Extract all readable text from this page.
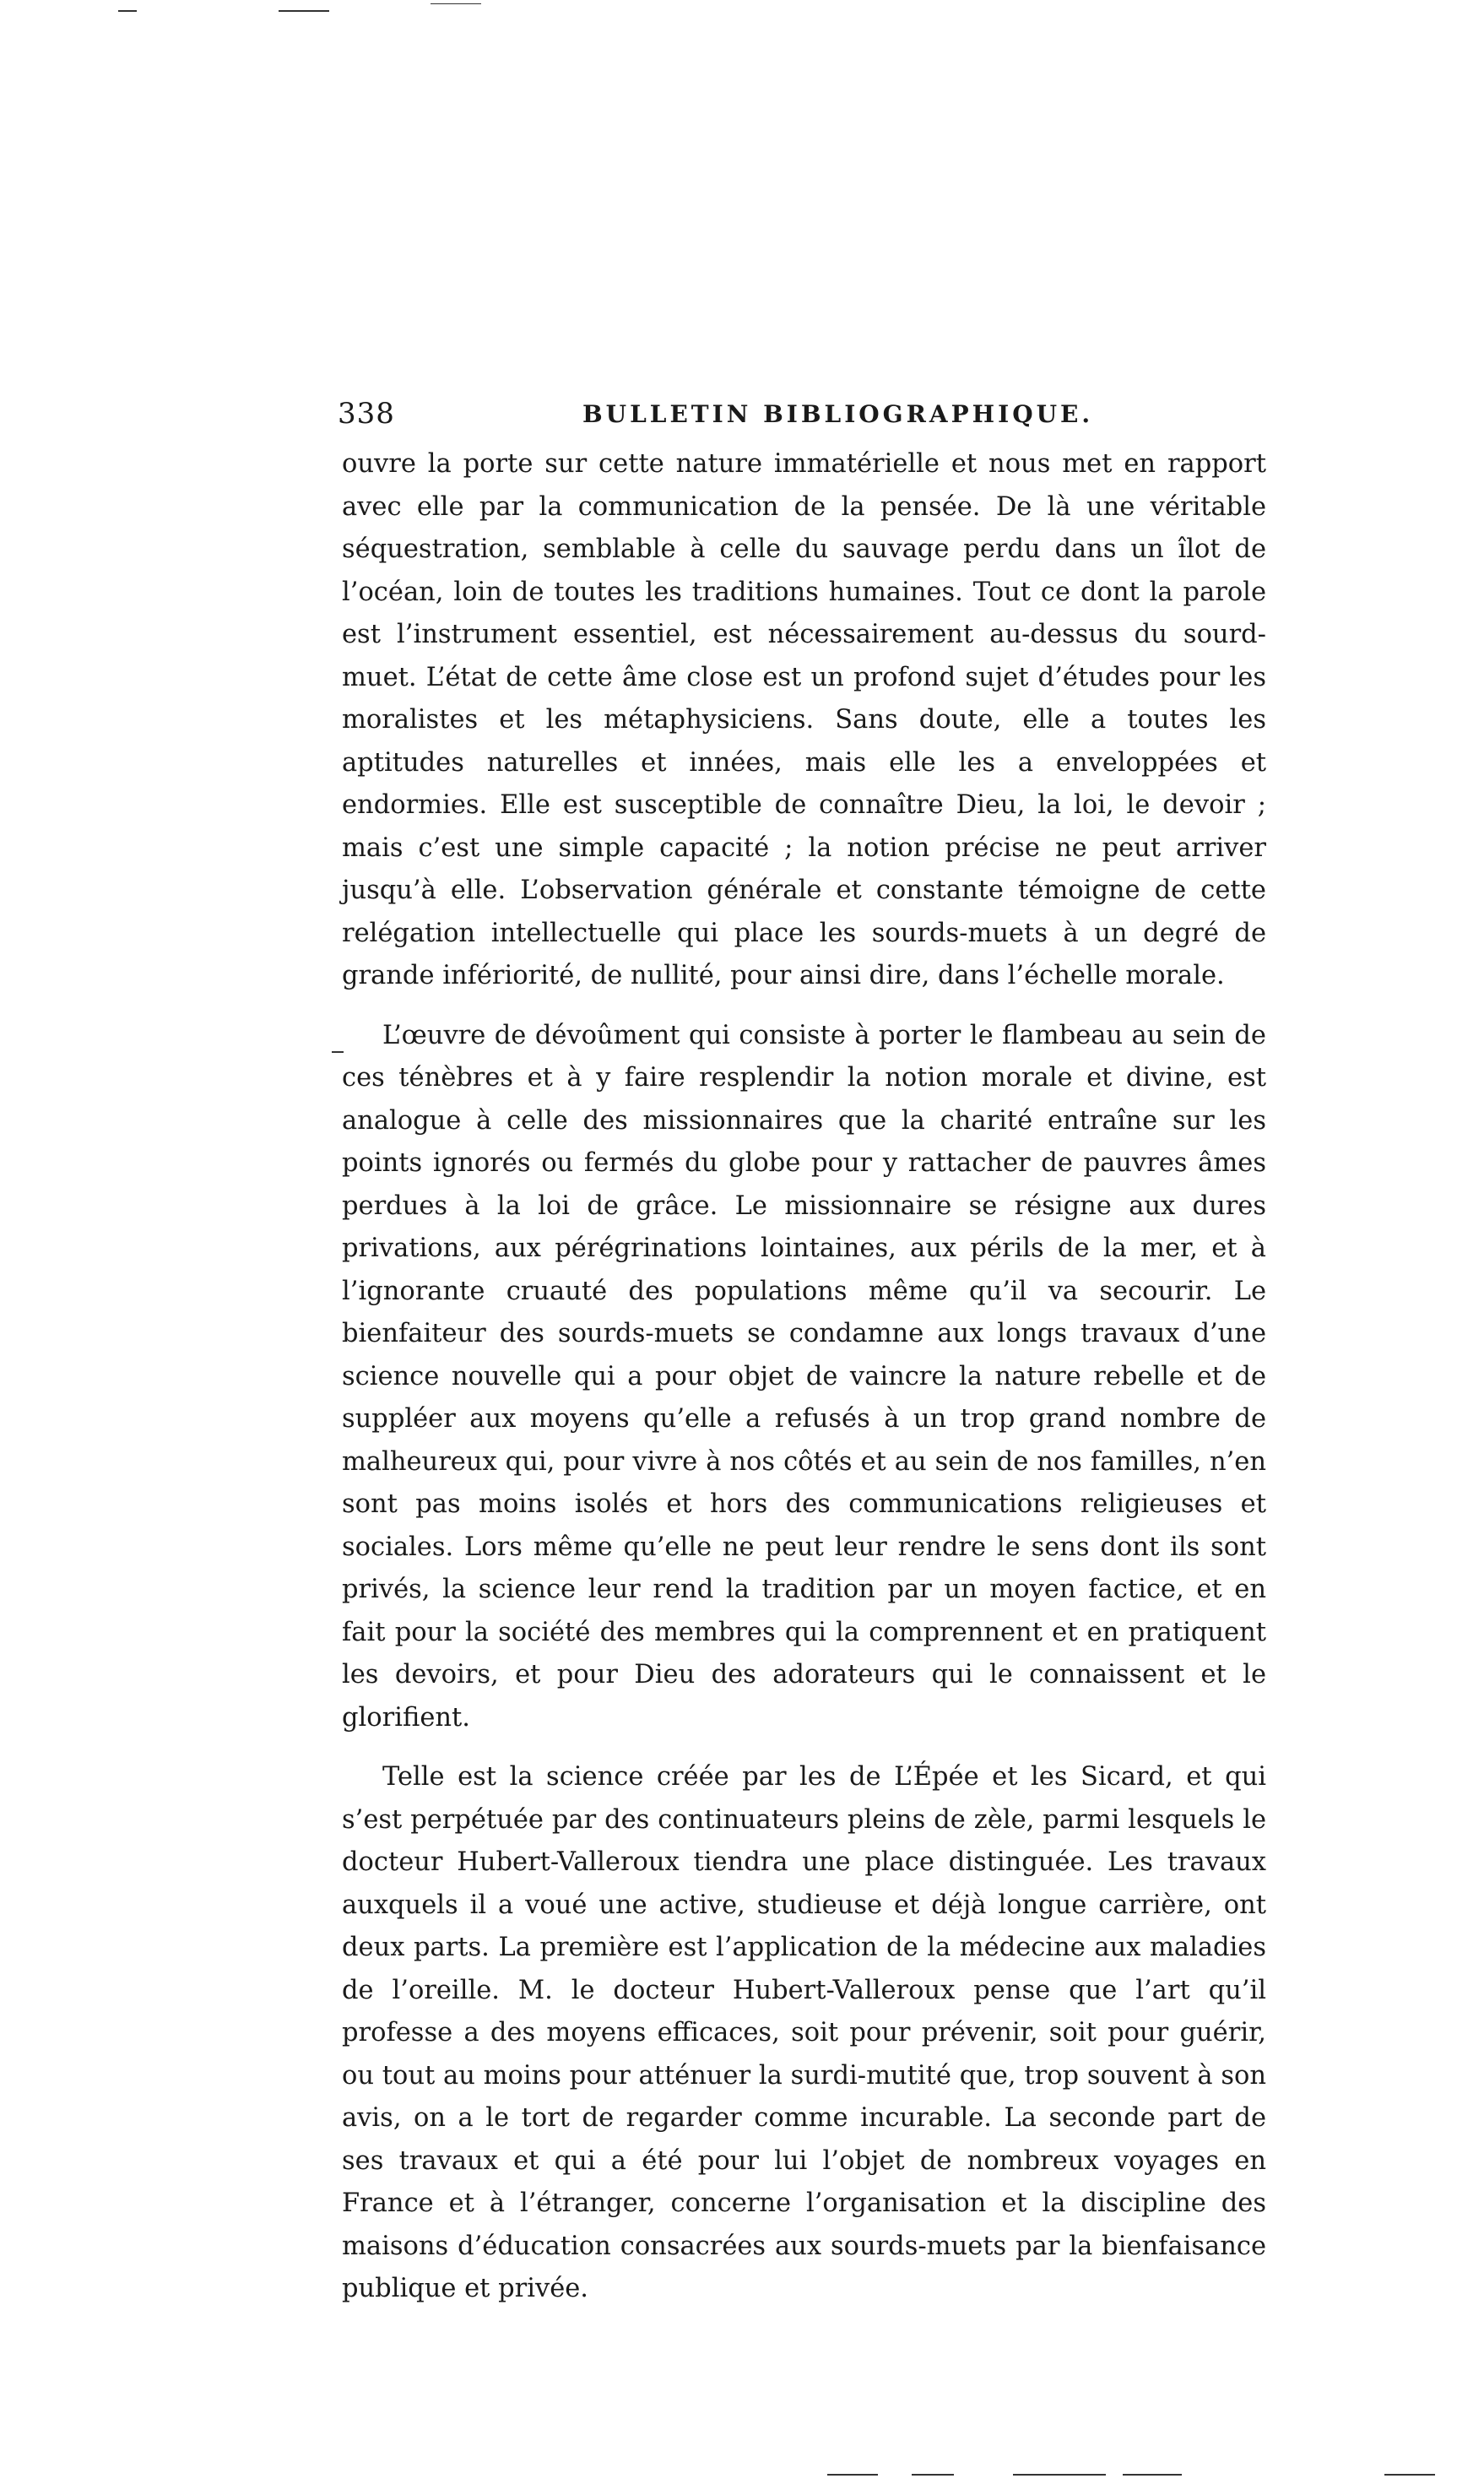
338	BULLETIN BIBLIOGRAPHIQUE.

ouvre la porte sur cette nature immatérielle et nous met en rapport avec elle par la communication de la pensée. De là une véritable séquestration, semblable à celle du sauvage perdu dans un îlot de l’océan, loin de toutes les traditions humaines. Tout ce dont la parole est l’instrument essentiel, est nécessairement au-dessus du sourd-muet. L’état de cette âme close est un profond sujet d’études pour les moralistes et les métaphysiciens. Sans doute, elle a toutes les aptitudes naturelles et innées, mais elle les a enveloppées et endormies. Elle est susceptible de connaître Dieu, la loi, le devoir ; mais c’est une simple capacité ; la notion précise ne peut arriver jusqu’à elle. L’observation générale et constante témoigne de cette relégation intellectuelle qui place les sourds-muets à un degré de grande infériorité, de nullité, pour ainsi dire, dans l’échelle morale.

L’œuvre de dévoûment qui consiste à porter le flambeau au sein de ces ténèbres et à y faire resplendir la notion morale et divine, est analogue à celle des missionnaires que la charité entraîne sur les points ignorés ou fermés du globe pour y rattacher de pauvres âmes perdues à la loi de grâce. Le missionnaire se résigne aux dures privations, aux pérégrinations lointaines, aux périls de la mer, et à l’ignorante cruauté des populations même qu’il va secourir. Le bienfaiteur des sourds-muets se condamne aux longs travaux d’une science nouvelle qui a pour objet de vaincre la nature rebelle et de suppléer aux moyens qu’elle a refusés à un trop grand nombre de malheureux qui, pour vivre à nos côtés et au sein de nos familles, n’en sont pas moins isolés et hors des communications religieuses et sociales. Lors même qu’elle ne peut leur rendre le sens dont ils sont privés, la science leur rend la tradition par un moyen factice, et en fait pour la société des membres qui la comprennent et en pratiquent les devoirs, et pour Dieu des adorateurs qui le connaissent et le glorifient.

Telle est la science créée par les de L’Épée et les Sicard, et qui s’est perpétuée par des continuateurs pleins de zèle, parmi lesquels le docteur Hubert-Valleroux tiendra une place distinguée. Les travaux auxquels il a voué une active, studieuse et déjà longue carrière, ont deux parts. La première est l’application de la médecine aux maladies de l’oreille. M. le docteur Hubert-Valleroux pense que l’art qu’il professe a des moyens efficaces, soit pour prévenir, soit pour guérir, ou tout au moins pour atténuer la surdi-mutité que, trop souvent à son avis, on a le tort de regarder comme incurable. La seconde part de ses travaux et qui a été pour lui l’objet de nombreux voyages en France et à l’étranger, concerne l’organisation et la discipline des maisons d’éducation consacrées aux sourds-muets par la bienfaisance publique et privée.
